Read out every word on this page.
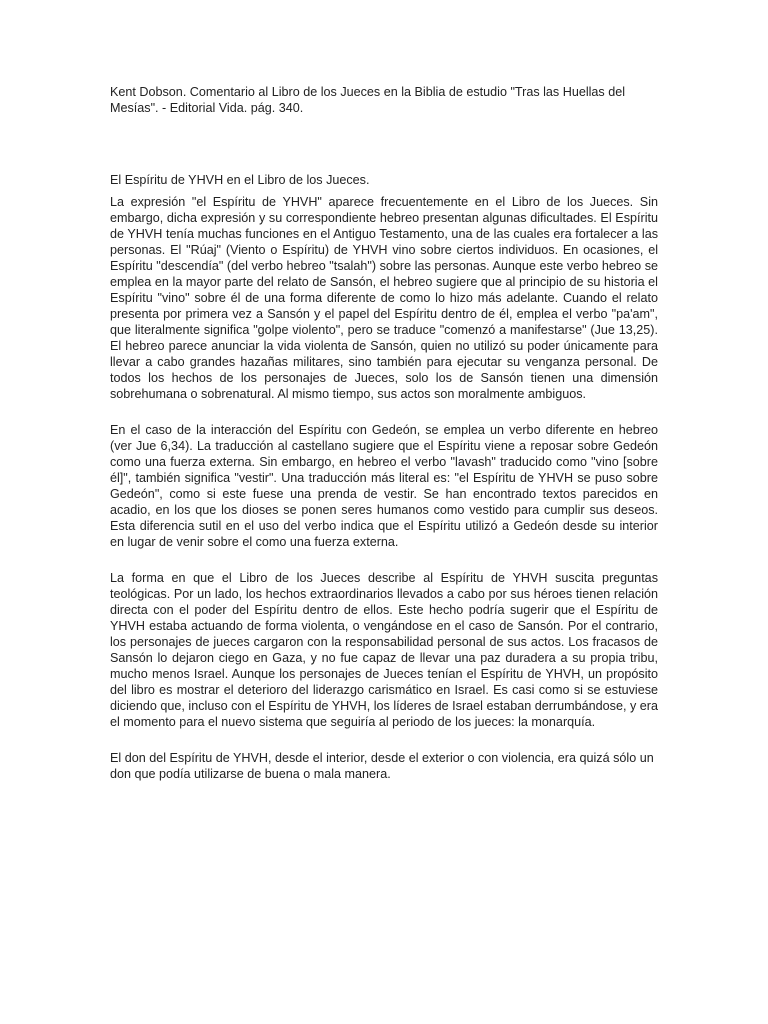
Kent Dobson. Comentario al Libro de los Jueces en la Biblia de estudio "Tras las Huellas del Mesías". - Editorial Vida. pág. 340.

El Espíritu de YHVH en el Libro de los Jueces.

La expresión "el Espíritu de YHVH" aparece frecuentemente en el Libro de los Jueces. Sin embargo, dicha expresión y su correspondiente hebreo presentan algunas dificultades. El Espíritu de YHVH tenía muchas funciones en el Antiguo Testamento, una de las cuales era fortalecer a las personas. El "Rúaj" (Viento o Espíritu) de YHVH vino sobre ciertos individuos. En ocasiones, el Espíritu "descendía" (del verbo hebreo "tsalah") sobre las personas. Aunque este verbo hebreo se emplea en la mayor parte del relato de Sansón, el hebreo sugiere que al principio de su historia el Espíritu "vino" sobre él de una forma diferente de como lo hizo más adelante. Cuando el relato presenta por primera vez a Sansón y el papel del Espíritu dentro de él, emplea el verbo "pa'am", que literalmente significa "golpe violento", pero se traduce "comenzó a manifestarse" (Jue 13,25). El hebreo parece anunciar la vida violenta de Sansón, quien no utilizó su poder únicamente para llevar a cabo grandes hazañas militares, sino también para ejecutar su venganza personal. De todos los hechos de los personajes de Jueces, solo los de Sansón tienen una dimensión sobrehumana o sobrenatural. Al mismo tiempo, sus actos son moralmente ambiguos.

En el caso de la interacción del Espíritu con Gedeón, se emplea un verbo diferente en hebreo (ver Jue 6,34). La traducción al castellano sugiere que el Espíritu viene a reposar sobre Gedeón como una fuerza externa. Sin embargo, en hebreo el verbo "lavash" traducido como "vino [sobre él]", también significa "vestir". Una traducción más literal es: "el Espíritu de YHVH se puso sobre Gedeón", como si este fuese una prenda de vestir. Se han encontrado textos parecidos en acadio, en los que los dioses se ponen seres humanos como vestido para cumplir sus deseos. Esta diferencia sutil en el uso del verbo indica que el Espíritu utilizó a Gedeón desde su interior en lugar de venir sobre el como una fuerza externa.

La forma en que el Libro de los Jueces describe al Espíritu de YHVH suscita preguntas teológicas. Por un lado, los hechos extraordinarios llevados a cabo por sus héroes tienen relación directa con el poder del Espíritu dentro de ellos. Este hecho podría sugerir que el Espíritu de YHVH estaba actuando de forma violenta, o vengándose en el caso de Sansón. Por el contrario, los personajes de jueces cargaron con la responsabilidad personal de sus actos. Los fracasos de Sansón lo dejaron ciego en Gaza, y no fue capaz de llevar una paz duradera a su propia tribu, mucho menos Israel. Aunque los personajes de Jueces tenían el Espíritu de YHVH, un propósito del libro es mostrar el deterioro del liderazgo carismático en Israel. Es casi como si se estuviese diciendo que, incluso con el Espíritu de YHVH, los líderes de Israel estaban derrumbándose, y era el momento para el nuevo sistema que seguiría al periodo de los jueces: la monarquía.

El don del Espíritu de YHVH, desde el interior, desde el exterior o con violencia, era quizá sólo un don que podía utilizarse de buena o mala manera.
